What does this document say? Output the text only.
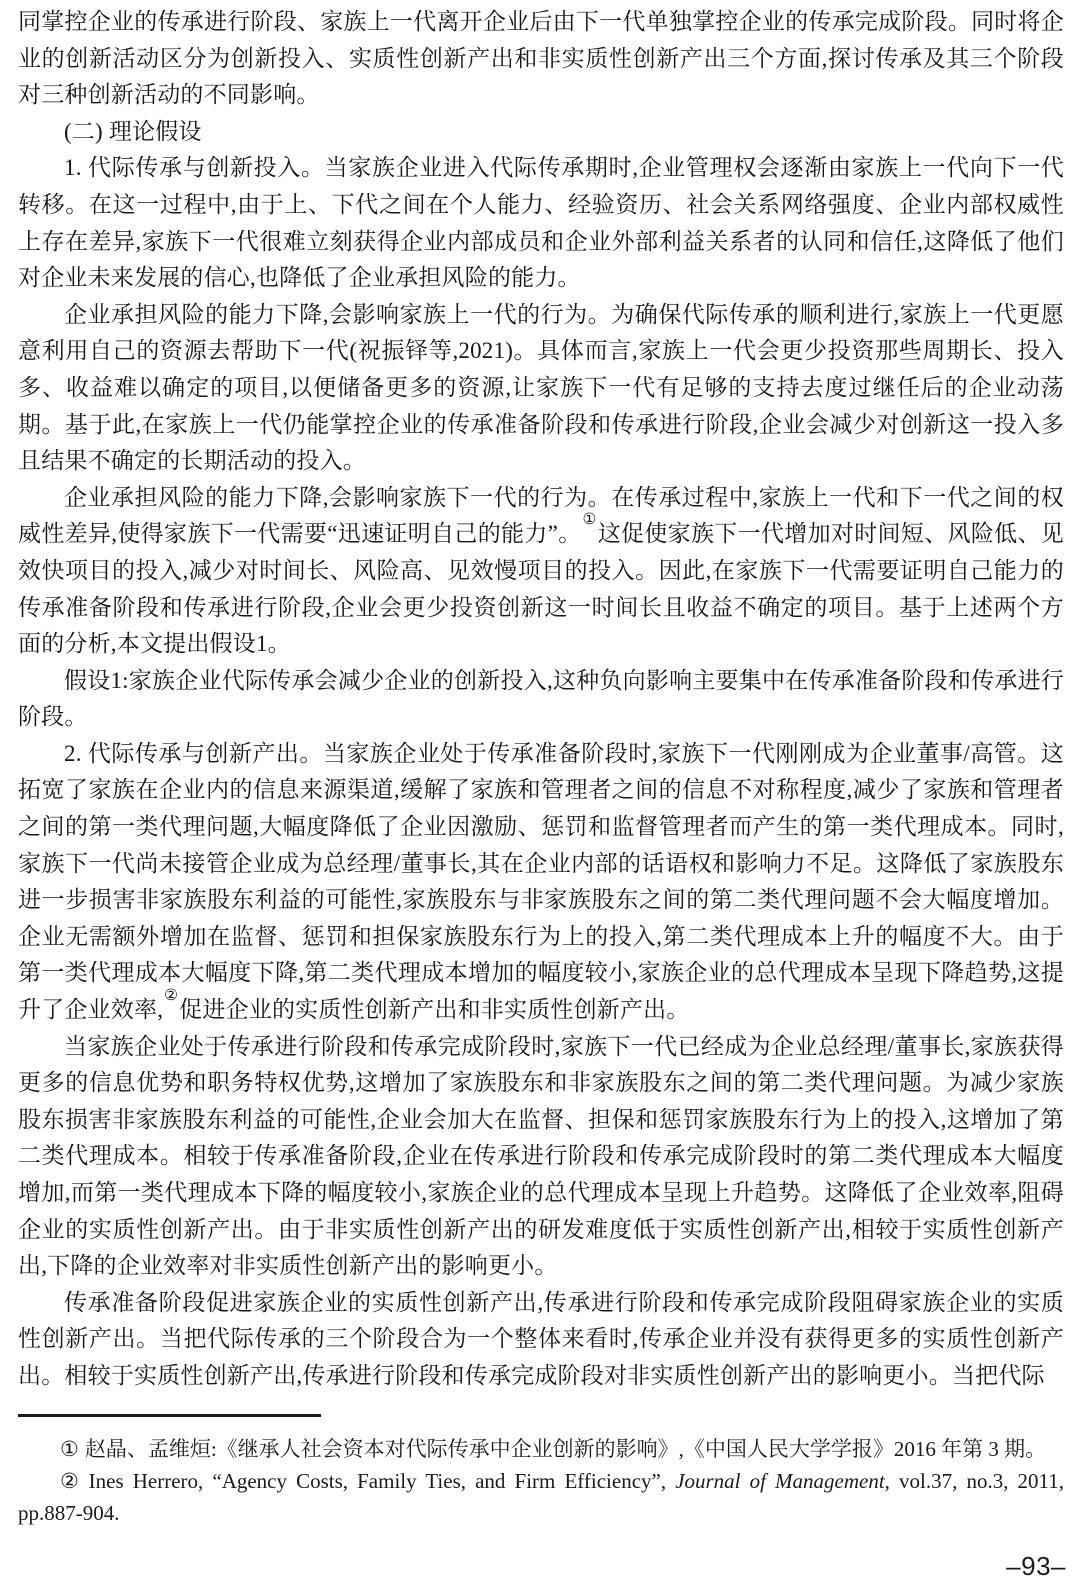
同掌控企业的传承进行阶段、家族上一代离开企业后由下一代单独掌控企业的传承完成阶段。同时将企业的创新活动区分为创新投入、实质性创新产出和非实质性创新产出三个方面,探讨传承及其三个阶段对三种创新活动的不同影响。

(二) 理论假设

1. 代际传承与创新投入。当家族企业进入代际传承期时,企业管理权会逐渐由家族上一代向下一代转移。在这一过程中,由于上、下代之间在个人能力、经验资历、社会关系网络强度、企业内部权威性上存在差异,家族下一代很难立刻获得企业内部成员和企业外部利益关系者的认同和信任,这降低了他们对企业未来发展的信心,也降低了企业承担风险的能力。

企业承担风险的能力下降,会影响家族上一代的行为。为确保代际传承的顺利进行,家族上一代更愿意利用自己的资源去帮助下一代(祝振铎等,2021)。具体而言,家族上一代会更少投资那些周期长、投入多、收益难以确定的项目,以便储备更多的资源,让家族下一代有足够的支持去度过继任后的企业动荡期。基于此,在家族上一代仍能掌控企业的传承准备阶段和传承进行阶段,企业会减少对创新这一投入多且结果不确定的长期活动的投入。

企业承担风险的能力下降,会影响家族下一代的行为。在传承过程中,家族上一代和下一代之间的权威性差异,使得家族下一代需要“迅速证明自己的能力”。①这促使家族下一代增加对时间短、风险低、见效快项目的投入,减少对时间长、风险高、见效慢项目的投入。因此,在家族下一代需要证明自己能力的传承准备阶段和传承进行阶段,企业会更少投资创新这一时间长且收益不确定的项目。基于上述两个方面的分析,本文提出假设1。

假设1:家族企业代际传承会减少企业的创新投入,这种负向影响主要集中在传承准备阶段和传承进行阶段。

2. 代际传承与创新产出。当家族企业处于传承准备阶段时,家族下一代刚刚成为企业董事/高管。这拓宽了家族在企业内的信息来源渠道,缓解了家族和管理者之间的信息不对称程度,减少了家族和管理者之间的第一类代理问题,大幅度降低了企业因激励、惩罚和监督管理者而产生的第一类代理成本。同时,家族下一代尚未接管企业成为总经理/董事长,其在企业内部的话语权和影响力不足。这降低了家族股东进一步损害非家族股东利益的可能性,家族股东与非家族股东之间的第二类代理问题不会大幅度增加。企业无需额外增加在监督、惩罚和担保家族股东行为上的投入,第二类代理成本上升的幅度不大。由于第一类代理成本大幅度下降,第二类代理成本增加的幅度较小,家族企业的总代理成本呈现下降趋势,这提升了企业效率,②促进企业的实质性创新产出和非实质性创新产出。

当家族企业处于传承进行阶段和传承完成阶段时,家族下一代已经成为企业总经理/董事长,家族获得更多的信息优势和职务特权优势,这增加了家族股东和非家族股东之间的第二类代理问题。为减少家族股东损害非家族股东利益的可能性,企业会加大在监督、担保和惩罚家族股东行为上的投入,这增加了第二类代理成本。相较于传承准备阶段,企业在传承进行阶段和传承完成阶段时的第二类代理成本大幅度增加,而第一类代理成本下降的幅度较小,家族企业的总代理成本呈现上升趋势。这降低了企业效率,阻碍企业的实质性创新产出。由于非实质性创新产出的研发难度低于实质性创新产出,相较于实质性创新产出,下降的企业效率对非实质性创新产出的影响更小。

传承准备阶段促进家族企业的实质性创新产出,传承进行阶段和传承完成阶段阻碍家族企业的实质性创新产出。当把代际传承的三个阶段合为一个整体来看时,传承企业并没有获得更多的实质性创新产出。相较于实质性创新产出,传承进行阶段和传承完成阶段对非实质性创新产出的影响更小。当把代际

① 赵晶、孟维烜:《继承人社会资本对代际传承中企业创新的影响》,《中国人民大学学报》2016 年第 3 期。

② Ines Herrero, “Agency Costs, Family Ties, and Firm Efficiency”, Journal of Management, vol.37, no.3, 2011, pp.887-904.

–93–
